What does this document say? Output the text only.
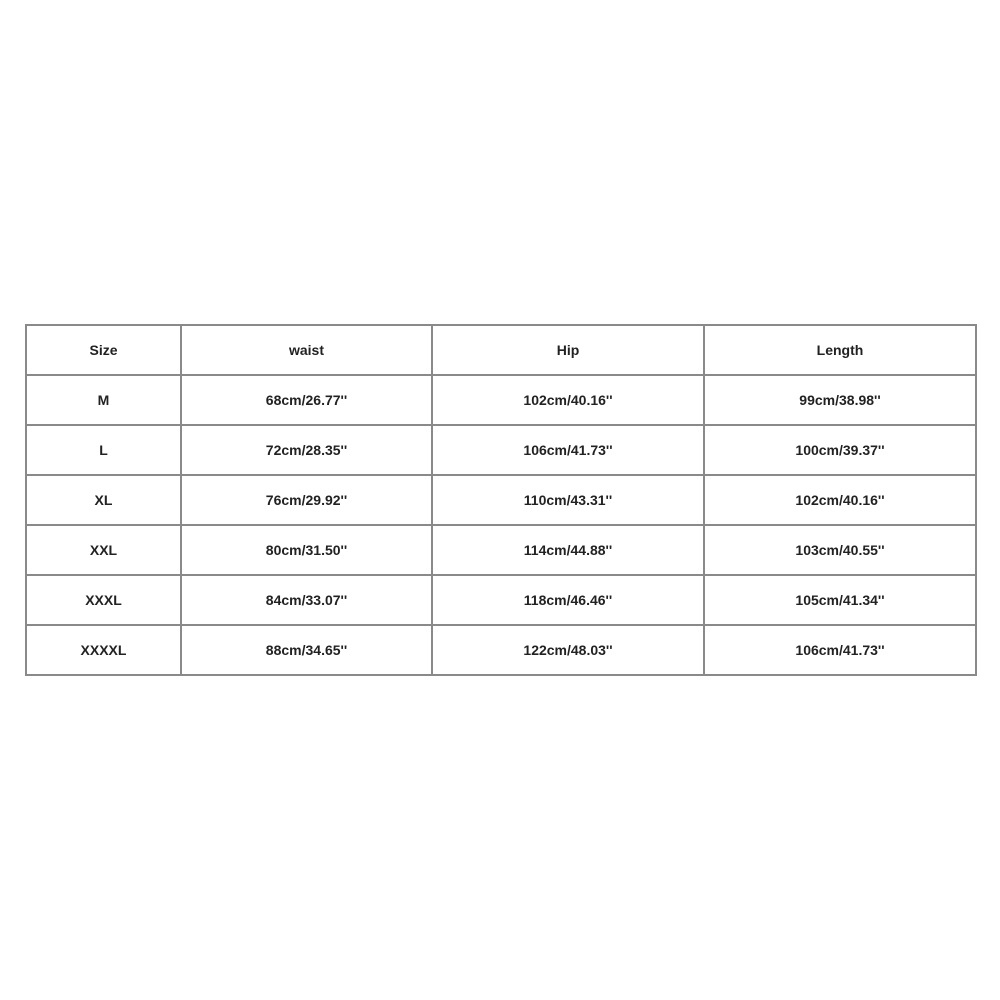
Size	waist	Hip	Length
M	68cm/26.77''	102cm/40.16''	99cm/38.98''
L	72cm/28.35''	106cm/41.73''	100cm/39.37''
XL	76cm/29.92''	110cm/43.31''	102cm/40.16''
XXL	80cm/31.50''	114cm/44.88''	103cm/40.55''
XXXL	84cm/33.07''	118cm/46.46''	105cm/41.34''
XXXXL	88cm/34.65''	122cm/48.03''	106cm/41.73''
